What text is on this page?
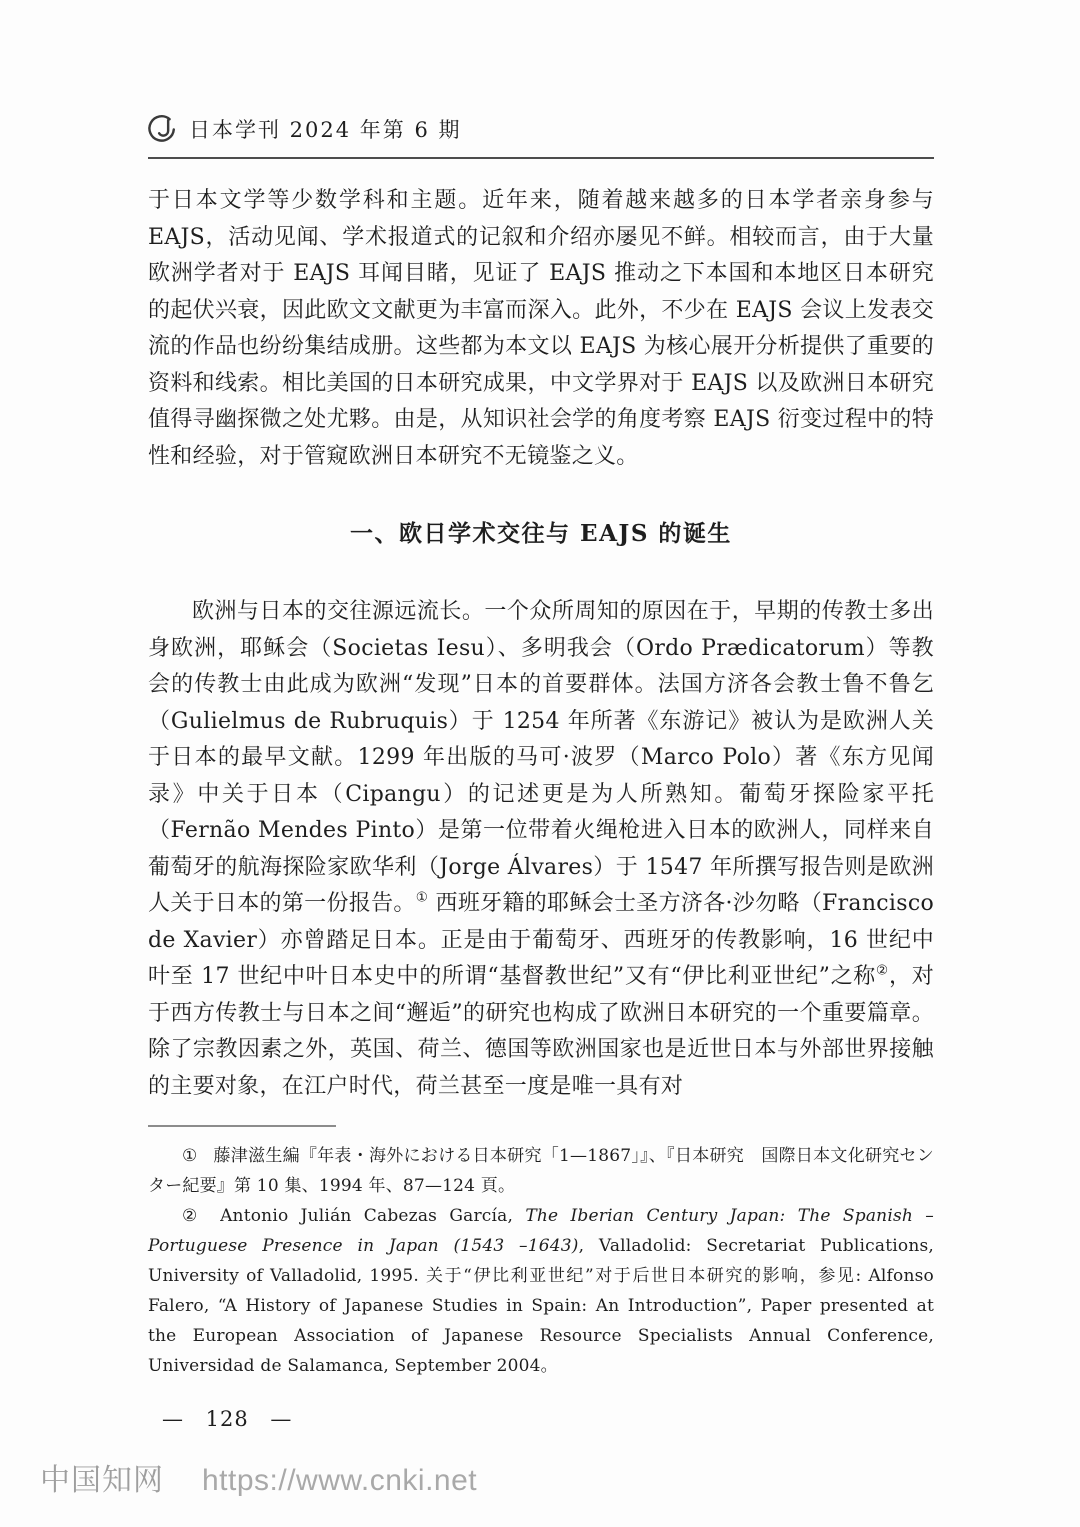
日本学刊 2024 年第 6 期

于日本文学等少数学科和主题。近年来，随着越来越多的日本学者亲身参与 EAJS，活动见闻、学术报道式的记叙和介绍亦屡见不鲜。相较而言，由于大量欧洲学者对于 EAJS 耳闻目睹，见证了 EAJS 推动之下本国和本地区日本研究的起伏兴衰，因此欧文文献更为丰富而深入。此外，不少在 EAJS 会议上发表交流的作品也纷纷集结成册。这些都为本文以 EAJS 为核心展开分析提供了重要的资料和线索。相比美国的日本研究成果，中文学界对于 EAJS 以及欧洲日本研究值得寻幽探微之处尤夥。由是，从知识社会学的角度考察 EAJS 衍变过程中的特性和经验，对于管窥欧洲日本研究不无镜鉴之义。

一、欧日学术交往与 EAJS 的诞生

欧洲与日本的交往源远流长。一个众所周知的原因在于，早期的传教士多出身欧洲，耶稣会（Societas Iesu）、多明我会（Ordo Prædicatorum）等教会的传教士由此成为欧洲“发现”日本的首要群体。法国方济各会教士鲁不鲁乞（Gulielmus de Rubruquis）于 1254 年所著《东游记》被认为是欧洲人关于日本的最早文献。1299 年出版的马可·波罗（Marco Polo）著《东方见闻录》中关于日本（Cipangu）的记述更是为人所熟知。葡萄牙探险家平托（Fernão Mendes Pinto）是第一位带着火绳枪进入日本的欧洲人，同样来自葡萄牙的航海探险家欧华利（Jorge Álvares）于 1547 年所撰写报告则是欧洲人关于日本的第一份报告。① 西班牙籍的耶稣会士圣方济各·沙勿略（Francisco de Xavier）亦曾踏足日本。正是由于葡萄牙、西班牙的传教影响，16 世纪中叶至 17 世纪中叶日本史中的所谓“基督教世纪”又有“伊比利亚世纪”之称②，对于西方传教士与日本之间“邂逅”的研究也构成了欧洲日本研究的一个重要篇章。除了宗教因素之外，英国、荷兰、德国等欧洲国家也是近世日本与外部世界接触的主要对象，在江户时代，荷兰甚至一度是唯一具有对

① 藤津滋生編『年表・海外における日本研究「1—1867」』、『日本研究　国際日本文化研究センター紀要』第 10 集、1994 年、87—124 頁。

② Antonio Julián Cabezas García, The Iberian Century Japan: The Spanish – Portuguese Presence in Japan (1543 –1643), Valladolid: Secretariat Publications, University of Valladolid, 1995. 关于“伊比利亚世纪”对于后世日本研究的影响，参见: Alfonso Falero, “A History of Japanese Studies in Spain: An Introduction”, Paper presented at the European Association of Japanese Resource Specialists Annual Conference, Universidad de Salamanca, September 2004。

— 128 —
中国知网 https://www.cnki.net
